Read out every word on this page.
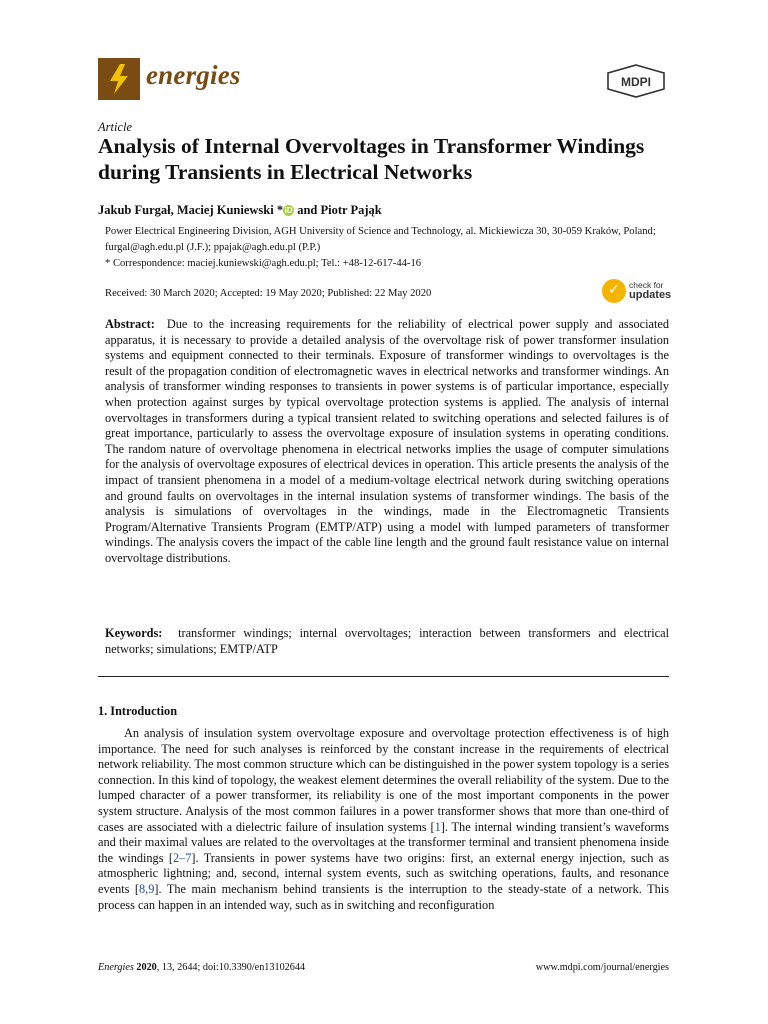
energies	MDPI
Article
Analysis of Internal Overvoltages in Transformer Windings during Transients in Electrical Networks
Jakub Furgał, Maciej Kuniewski * iD and Piotr Pająk
Power Electrical Engineering Division, AGH University of Science and Technology, al. Mickiewicza 30, 30-059 Kraków, Poland; furgal@agh.edu.pl (J.F.); ppajak@agh.edu.pl (P.P.)
* Correspondence: maciej.kuniewski@agh.edu.pl; Tel.: +48-12-617-44-16
Received: 30 March 2020; Accepted: 19 May 2020; Published: 22 May 2020	✓ check for
updates
Abstract: Due to the increasing requirements for the reliability of electrical power supply and associated apparatus, it is necessary to provide a detailed analysis of the overvoltage risk of power transformer insulation systems and equipment connected to their terminals. Exposure of transformer windings to overvoltages is the result of the propagation condition of electromagnetic waves in electrical networks and transformer windings. An analysis of transformer winding responses to transients in power systems is of particular importance, especially when protection against surges by typical overvoltage protection systems is applied. The analysis of internal overvoltages in transformers during a typical transient related to switching operations and selected failures is of great importance, particularly to assess the overvoltage exposure of insulation systems in operating conditions. The random nature of overvoltage phenomena in electrical networks implies the usage of computer simulations for the analysis of overvoltage exposures of electrical devices in operation. This article presents the analysis of the impact of transient phenomena in a model of a medium-voltage electrical network during switching operations and ground faults on overvoltages in the internal insulation systems of transformer windings. The basis of the analysis is simulations of overvoltages in the windings, made in the Electromagnetic Transients Program/Alternative Transients Program (EMTP/ATP) using a model with lumped parameters of transformer windings. The analysis covers the impact of the cable line length and the ground fault resistance value on internal overvoltage distributions.
Keywords: transformer windings; internal overvoltages; interaction between transformers and electrical networks; simulations; EMTP/ATP
1. Introduction
An analysis of insulation system overvoltage exposure and overvoltage protection effectiveness is of high importance. The need for such analyses is reinforced by the constant increase in the requirements of electrical network reliability. The most common structure which can be distinguished in the power system topology is a series connection. In this kind of topology, the weakest element determines the overall reliability of the system. Due to the lumped character of a power transformer, its reliability is one of the most important components in the power system structure. Analysis of the most common failures in a power transformer shows that more than one-third of cases are associated with a dielectric failure of insulation systems [1]. The internal winding transient’s waveforms and their maximal values are related to the overvoltages at the transformer terminal and transient phenomena inside the windings [2–7]. Transients in power systems have two origins: first, an external energy injection, such as atmospheric lightning; and, second, internal system events, such as switching operations, faults, and resonance events [8,9]. The main mechanism behind transients is the interruption to the steady-state of a network. This process can happen in an intended way, such as in switching and reconfiguration
Energies 2020, 13, 2644; doi:10.3390/en13102644	www.mdpi.com/journal/energies
